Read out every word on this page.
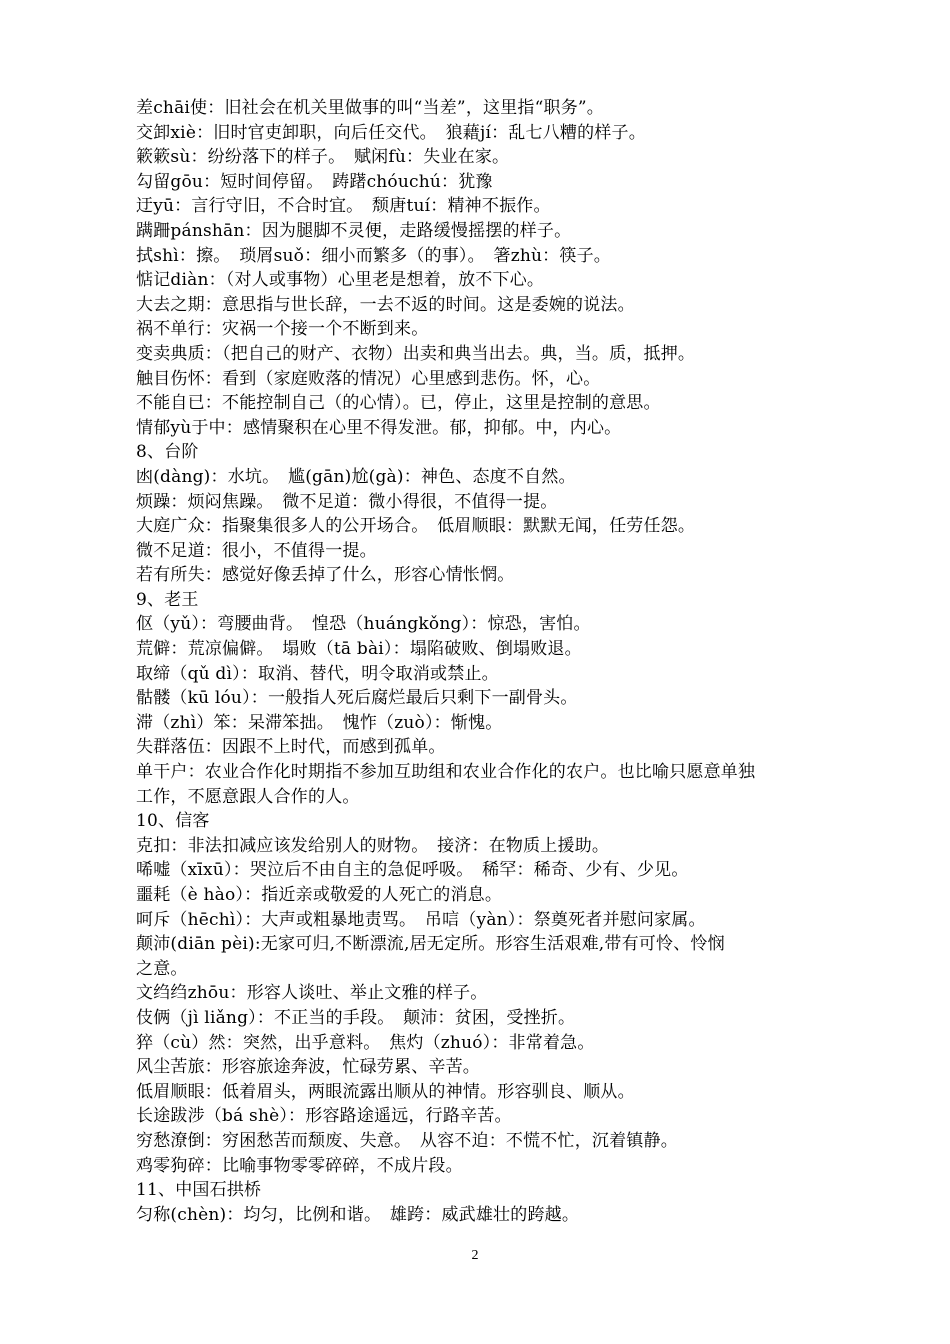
差chāi使：旧社会在机关里做事的叫“当差”，这里指“职务”。
交卸xiè：旧时官吏卸职，向后任交代。　狼藉jí：乱七八糟的样子。
簌簌sù：纷纷落下的样子。　赋闲fù：失业在家。
勾留gōu：短时间停留。　踌躇chóuchú：犹豫
迂yū：言行守旧，不合时宜。　颓唐tuí：精神不振作。
蹒跚pánshān：因为腿脚不灵便，走路缓慢摇摆的样子。
拭shì：擦。　琐屑suǒ：细小而繁多（的事）。　箸zhù：筷子。
惦记diàn：（对人或事物）心里老是想着，放不下心。
大去之期：意思指与世长辞，一去不返的时间。这是委婉的说法。
祸不单行：灾祸一个接一个不断到来。
变卖典质：（把自己的财产、衣物）出卖和典当出去。典，当。质，抵押。
触目伤怀：看到（家庭败落的情况）心里感到悲伤。怀，心。
不能自已：不能控制自己（的心情）。已，停止，这里是控制的意思。
情郁yù于中：感情聚积在心里不得发泄。郁，抑郁。中，内心。
8、台阶
凼(dàng)：水坑。　尴(gān)尬(gà)：神色、态度不自然。
烦躁：烦闷焦躁。　微不足道：微小得很，不值得一提。
大庭广众：指聚集很多人的公开场合。　低眉顺眼：默默无闻，任劳任怨。
微不足道：很小，不值得一提。
若有所失：感觉好像丢掉了什么，形容心情怅惘。
9、老王
伛（yǔ）：弯腰曲背。　惶恐（huángkǒng）：惊恐，害怕。
荒僻：荒凉偏僻。　塌败（tā bài）：塌陷破败、倒塌败退。
取缔（qǔ dì）：取消、替代，明令取消或禁止。
骷髅（kū lóu）：一般指人死后腐烂最后只剩下一副骨头。
滞（zhì）笨：呆滞笨拙。　愧怍（zuò）：惭愧。
失群落伍：因跟不上时代，而感到孤单。
单干户：农业合作化时期指不参加互助组和农业合作化的农户。也比喻只愿意单独
工作，不愿意跟人合作的人。
10、信客
克扣：非法扣减应该发给别人的财物。　接济：在物质上援助。
唏嘘（xīxū）：哭泣后不由自主的急促呼吸。　稀罕：稀奇、少有、少见。
噩耗（è hào）：指近亲或敬爱的人死亡的消息。
呵斥（hēchì）：大声或粗暴地责骂。　吊唁（yàn）：祭奠死者并慰问家属。
颠沛(diān pèi):无家可归,不断漂流,居无定所。形容生活艰难,带有可怜、怜悯
之意。
文绉绉zhōu：形容人谈吐、举止文雅的样子。
伎俩（jì liǎng）：不正当的手段。　颠沛：贫困，受挫折。
猝（cù）然：突然，出乎意料。　焦灼（zhuó）：非常着急。
风尘苦旅：形容旅途奔波，忙碌劳累、辛苦。
低眉顺眼：低着眉头，两眼流露出顺从的神情。形容驯良、顺从。
长途跋涉（bá shè）：形容路途遥远，行路辛苦。
穷愁潦倒：穷困愁苦而颓废、失意。　从容不迫：不慌不忙，沉着镇静。
鸡零狗碎：比喻事物零零碎碎，不成片段。
11、中国石拱桥
匀称(chèn)：均匀，比例和谐。　雄跨：威武雄壮的跨越。
2
